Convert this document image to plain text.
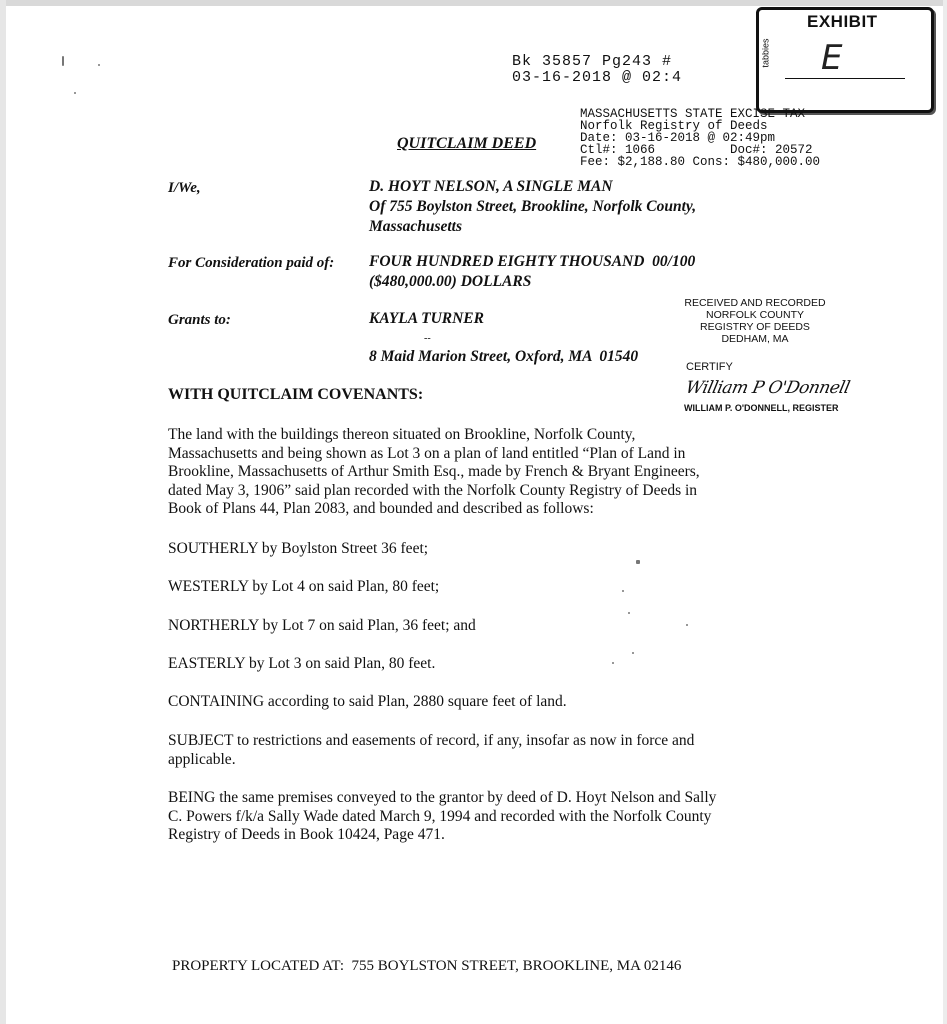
EXHIBIT
tabbies E
Bk 35857 Pg243 #
03-16-2018 @ 02:4
MASSACHUSETTS STATE EXCISE TAX
Norfolk Registry of Deeds
Date: 03-16-2018 @ 02:49pm
Ctl#: 1066          Doc#: 20572
Fee: $2,188.80 Cons: $480,000.00
QUITCLAIM DEED
I/We,	D. HOYT NELSON, A SINGLE MAN
Of 755 Boylston Street, Brookline, Norfolk County,
Massachusetts
For Consideration paid of: FOUR HUNDRED EIGHTY THOUSAND  00/100
($480,000.00) DOLLARS
Grants to:	KAYLA TURNER
--
8 Maid Marion Street, Oxford, MA  01540
RECEIVED AND RECORDED
NORFOLK COUNTY
REGISTRY OF DEEDS
DEDHAM, MA
CERTIFY
William P O'Donnell
WILLIAM P. O'DONNELL, REGISTER
WITH QUITCLAIM COVENANTS:
The land with the buildings thereon situated on Brookline, Norfolk County,
Massachusetts and being shown as Lot 3 on a plan of land entitled “Plan of Land in
Brookline, Massachusetts of Arthur Smith Esq., made by French & Bryant Engineers,
dated May 3, 1906” said plan recorded with the Norfolk County Registry of Deeds in
Book of Plans 44, Plan 2083, and bounded and described as follows:
SOUTHERLY by Boylston Street 36 feet;
WESTERLY by Lot 4 on said Plan, 80 feet;
NORTHERLY by Lot 7 on said Plan, 36 feet; and
EASTERLY by Lot 3 on said Plan, 80 feet.
CONTAINING according to said Plan, 2880 square feet of land.
SUBJECT to restrictions and easements of record, if any, insofar as now in force and
applicable.
BEING the same premises conveyed to the grantor by deed of D. Hoyt Nelson and Sally
C. Powers f/k/a Sally Wade dated March 9, 1994 and recorded with the Norfolk County
Registry of Deeds in Book 10424, Page 471.
PROPERTY LOCATED AT:  755 BOYLSTON STREET, BROOKLINE, MA 02146
